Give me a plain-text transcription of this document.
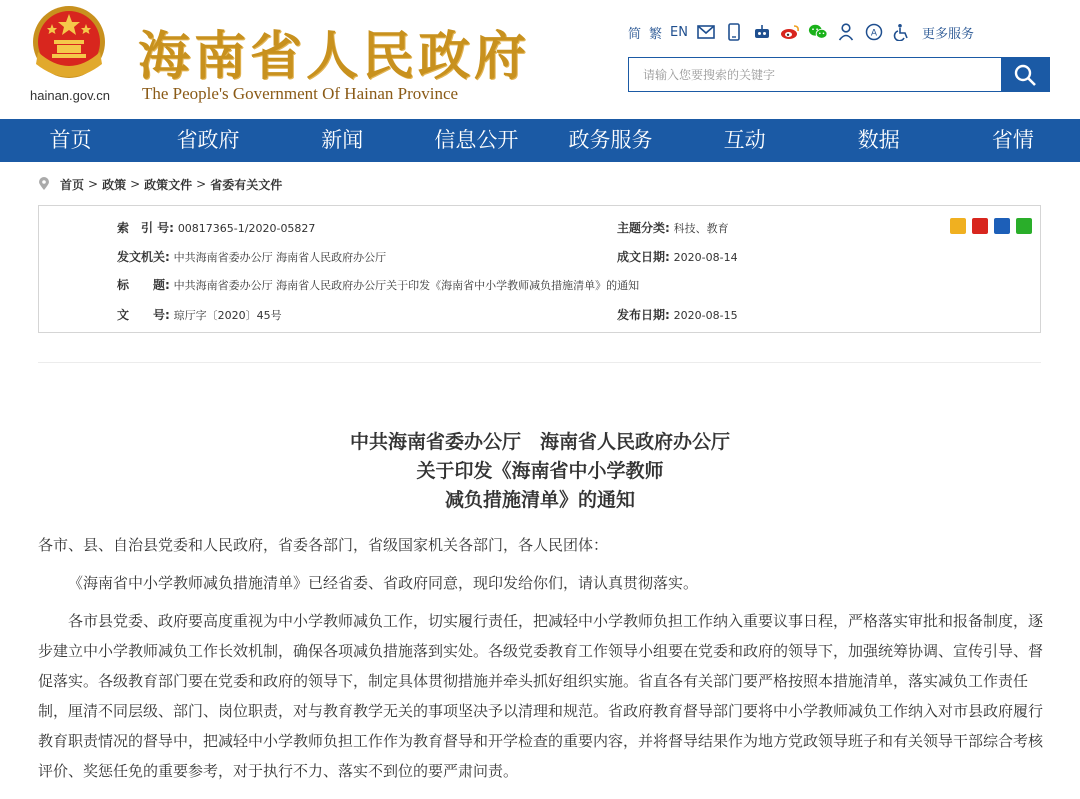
hainan.gov.cn
海南省人民政府
The People's Government Of Hainan Province
简 繁 EN	A	更多服务
请输入您要搜索的关键字
首页	省政府	新闻	信息公开	政务服务	互动	数据	省情
首页 > 政策 > 政策文件 > 省委有关文件
索　引 号: 00817365-1/2020-05827	主题分类: 科技、教育
发文机关: 中共海南省委办公厅 海南省人民政府办公厅	成文日期: 2020-08-14
标　　题: 中共海南省委办公厅 海南省人民政府办公厅关于印发《海南省中小学教师减负措施清单》的通知
文　　号: 琼厅字〔2020〕45号	发布日期: 2020-08-15
中共海南省委办公厅　海南省人民政府办公厅
关于印发《海南省中小学教师
减负措施清单》的通知

各市、县、自治县党委和人民政府，省委各部门，省级国家机关各部门，各人民团体：

《海南省中小学教师减负措施清单》已经省委、省政府同意，现印发给你们，请认真贯彻落实。

各市县党委、政府要高度重视为中小学教师减负工作，切实履行责任，把减轻中小学教师负担工作纳入重要议事日程，严格落实审批和报备制度，逐步建立中小学教师减负工作长效机制，确保各项减负措施落到实处。各级党委教育工作领导小组要在党委和政府的领导下，加强统筹协调、宣传引导、督促落实。各级教育部门要在党委和政府的领导下，制定具体贯彻措施并牵头抓好组织实施。省直各有关部门要严格按照本措施清单，落实减负工作责任制，厘清不同层级、部门、岗位职责，对与教育教学无关的事项坚决予以清理和规范。省政府教育督导部门要将中小学教师减负工作纳入对市县政府履行教育职责情况的督导中，把减轻中小学教师负担工作作为教育督导和开学检查的重要内容，并将督导结果作为地方党政领导班子和有关领导干部综合考核评价、奖惩任免的重要参考，对于执行不力、落实不到位的要严肃问责。
